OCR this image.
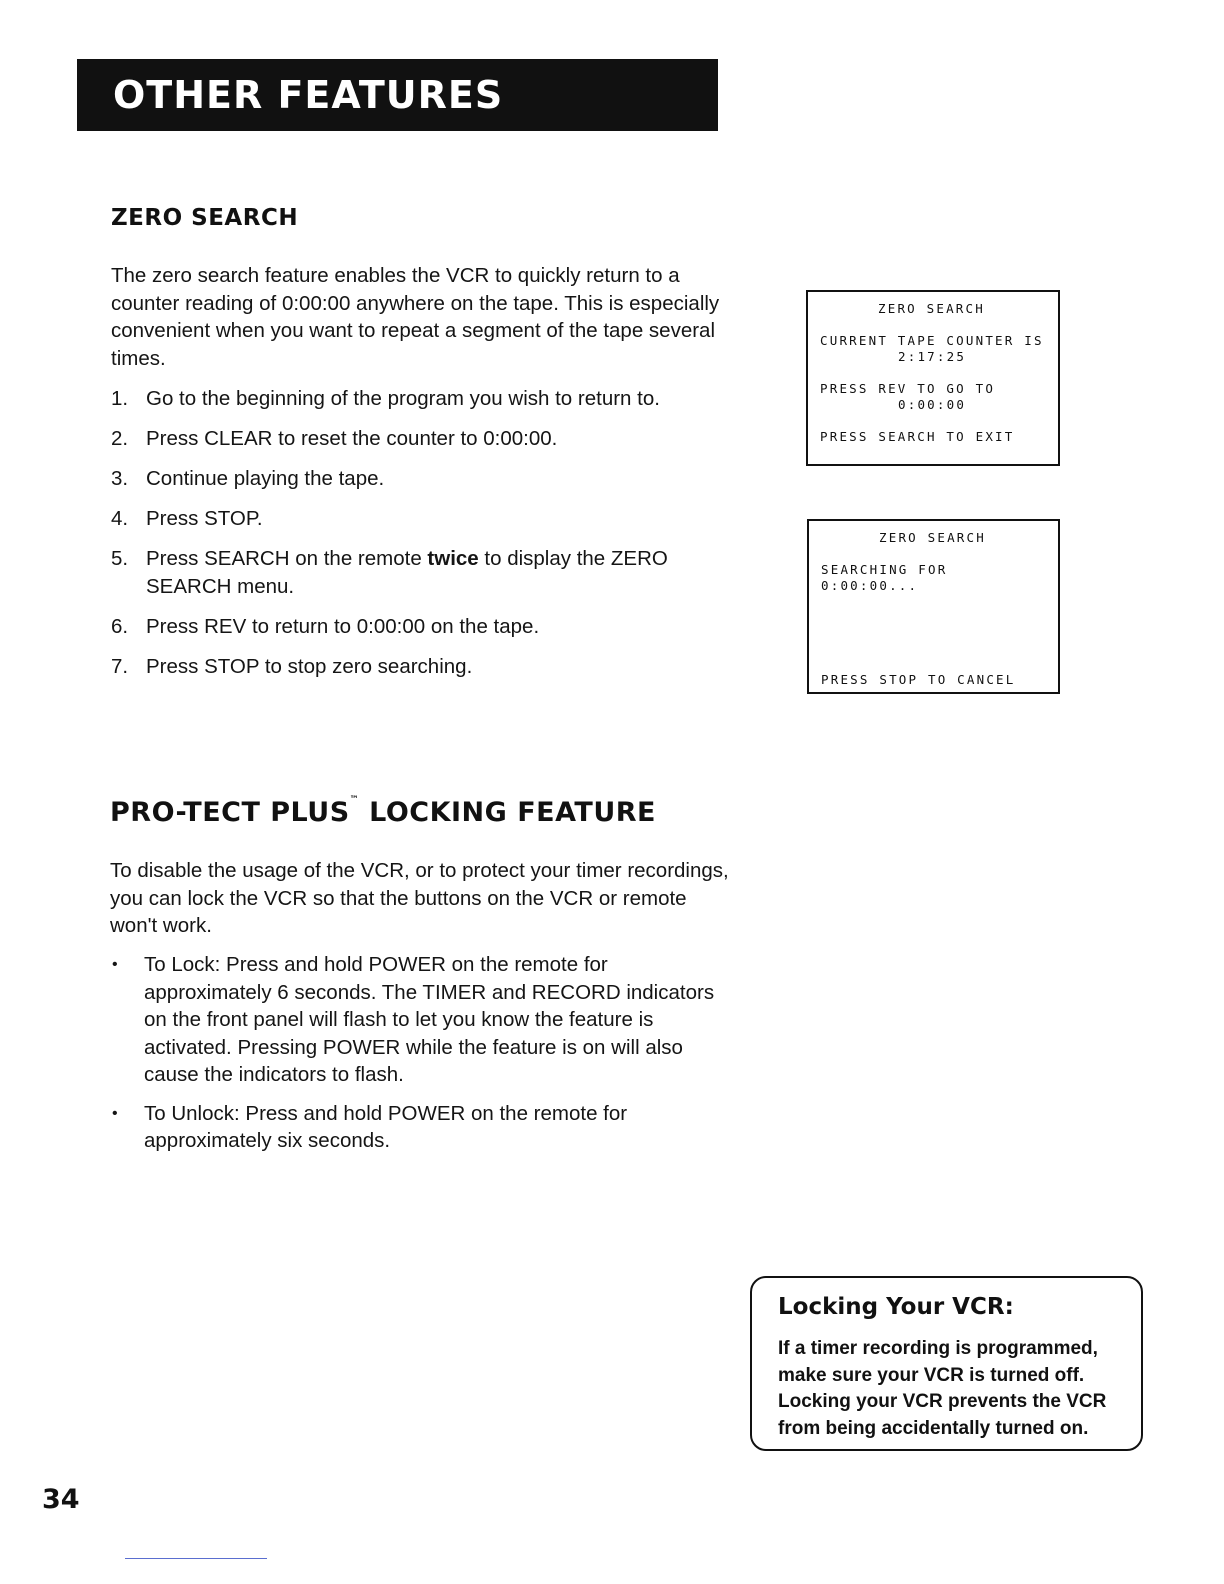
OTHER FEATURES
ZERO SEARCH

The zero search feature enables the VCR to quickly return to a counter reading of 0:00:00 anywhere on the tape. This is especially convenient when you want to repeat a segment of the tape several times.

1. Go to the beginning of the program you wish to return to.
2. Press CLEAR to reset the counter to 0:00:00.
3. Continue playing the tape.
4. Press STOP.
5. Press SEARCH on the remote twice to display the ZERO SEARCH menu.
6. Press REV to return to 0:00:00 on the tape.
7. Press STOP to stop zero searching.
ZERO SEARCH
CURRENT TAPE COUNTER IS
2:17:25
PRESS REV TO GO TO
0:00:00
PRESS SEARCH TO EXIT
ZERO SEARCH
SEARCHING FOR
0:00:00...
PRESS STOP TO CANCEL
PRO-TECT PLUS™ LOCKING FEATURE

To disable the usage of the VCR, or to protect your timer recordings, you can lock the VCR so that the buttons on the VCR or remote won't work.

• To Lock: Press and hold POWER on the remote for approximately 6 seconds. The TIMER and RECORD indicators on the front panel will flash to let you know the feature is activated. Pressing POWER while the feature is on will also cause the indicators to flash.
• To Unlock: Press and hold POWER on the remote for approximately six seconds.
Locking Your VCR:
If a timer recording is programmed, make sure your VCR is turned off. Locking your VCR prevents the VCR from being accidentally turned on.
34
